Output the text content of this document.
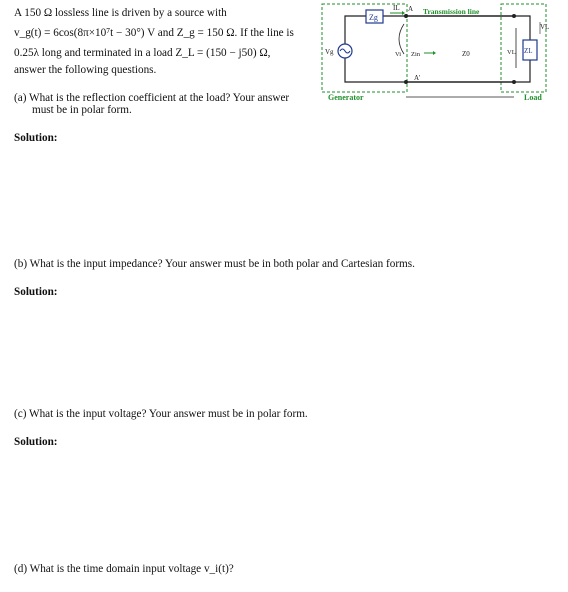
A 150 Ω lossless line is driven by a source with
v_g(t) = 6cos(8π×10⁷t − 30°) V and Z_g = 150 Ω. If the line is
0.25λ long and terminated in a load Z_L = (150 − j50) Ω,
answer the following questions.
(a) What is the reflection coefficient at the load? Your answer
must be in polar form.
Solution:
(b) What is the input impedance? Your answer must be in both polar and Cartesian forms.
Solution:
(c) What is the input voltage? Your answer must be in polar form.
Solution:
(d) What is the time domain input voltage v_i(t)?
Zg
Vg	ZL
VL
VL
Transmission line
A
IL
Vi Zin	Z0
A'
Generator	Load
